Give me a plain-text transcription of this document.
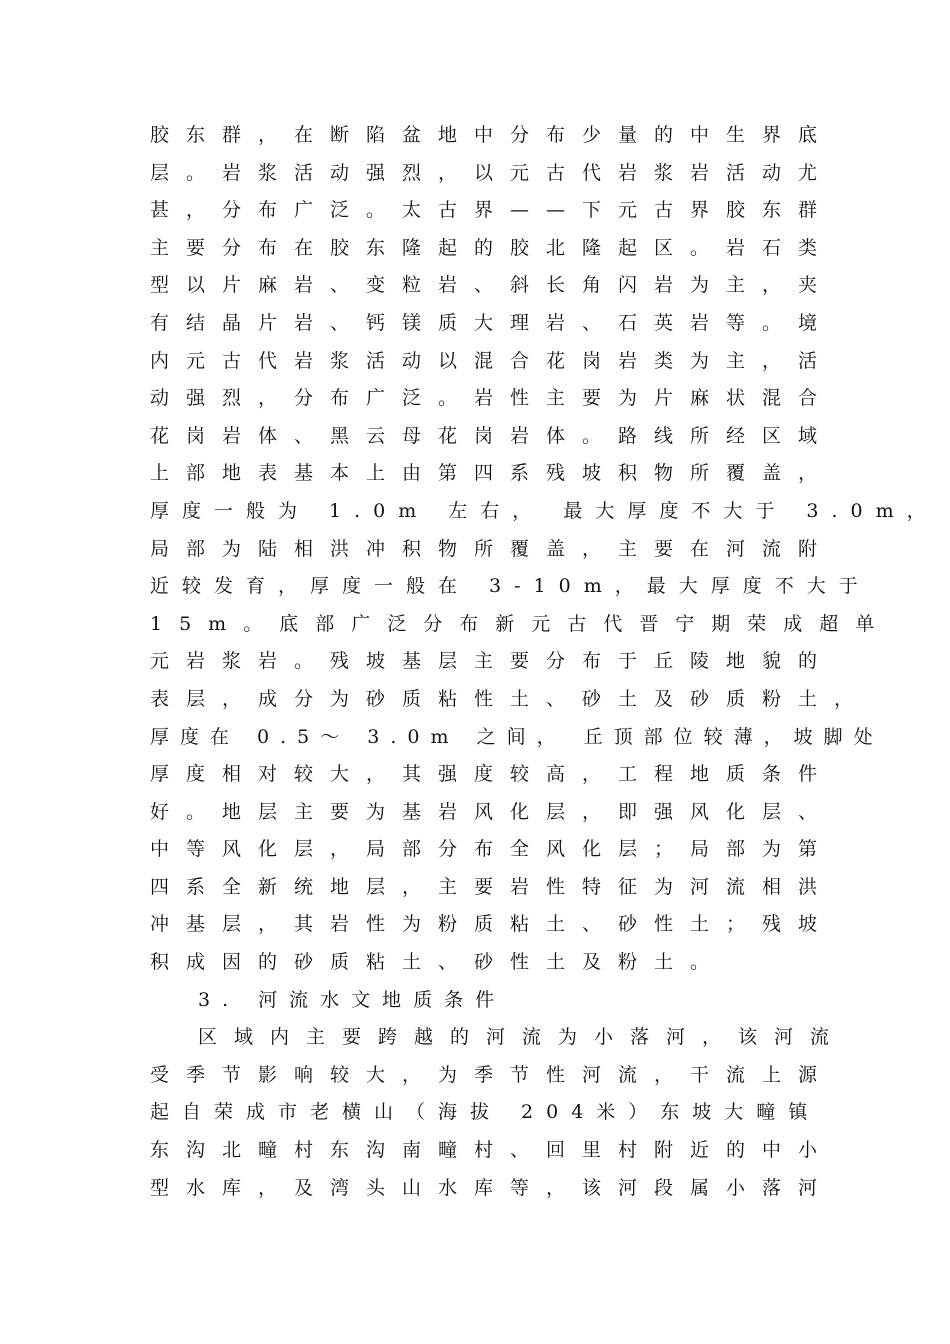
胶东群，在断陷盆地中分布少量的中生界底
层。岩浆活动强烈，以元古代岩浆岩活动尤
甚，分布广泛。太古界——下元古界胶东群
主要分布在胶东隆起的胶北隆起区。岩石类
型以片麻岩、变粒岩、斜长角闪岩为主，夹
有结晶片岩、钙镁质大理岩、石英岩等。境
内元古代岩浆活动以混合花岗岩类为主，活
动强烈，分布广泛。岩性主要为片麻状混合
花岗岩体、黑云母花岗岩体。路线所经区域
上部地表基本上由第四系残坡积物所覆盖，
厚度一般为 1.0m 左右， 最大厚度不大于 3.0m，
局部为陆相洪冲积物所覆盖，主要在河流附
近较发育，厚度一般在 3-10m，最大厚度不大于
15m。底部广泛分布新元古代晋宁期荣成超单
元岩浆岩。残坡基层主要分布于丘陵地貌的
表层，成分为砂质粘性土、砂土及砂质粉土，
厚度在 0.5～ 3.0m 之间， 丘顶部位较薄，坡脚处
厚度相对较大，其强度较高，工程地质条件
好。地层主要为基岩风化层，即强风化层、
中等风化层，局部分布全风化层；局部为第
四系全新统地层，主要岩性特征为河流相洪
冲基层，其岩性为粉质粘土、砂性土；残坡
积成因的砂质粘土、砂性土及粉土。
3. 河流水文地质条件
区域内主要跨越的河流为小落河，该河流
受季节影响较大，为季节性河流，干流上源
起自荣成市老横山（海拔 204米）东坡大疃镇
东沟北疃村东沟南疃村、回里村附近的中小
型水库，及湾头山水库等，该河段属小落河
